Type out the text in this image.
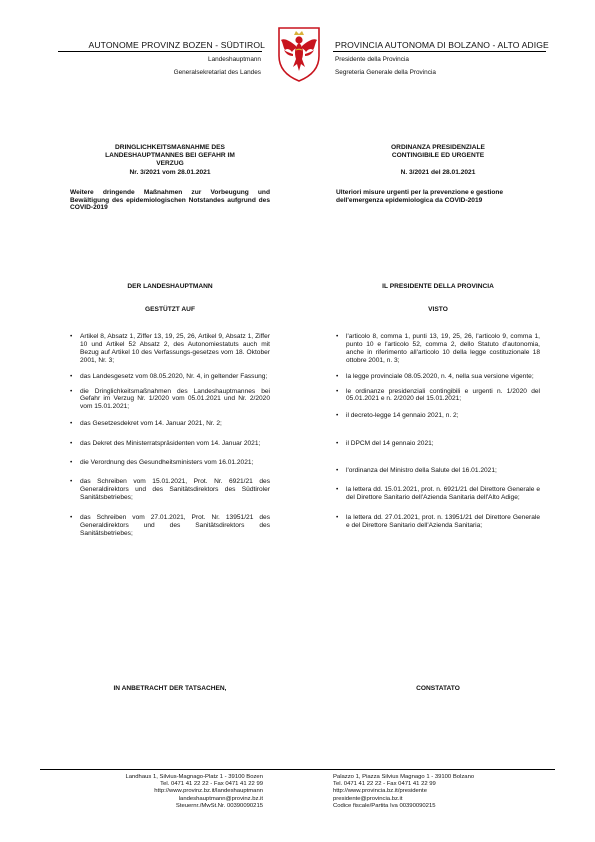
AUTONOME PROVINZ BOZEN - SÜDTIROL
Landeshauptmann
Generalsekretariat des Landes
PROVINCIA AUTONOMA DI BOLZANO - ALTO ADIGE
Presidente della Provincia
Segreteria Generale della Provincia
DRINGLICHKEITSMAßNAHME DES
LANDESHAUPTMANNES BEI GEFAHR IM
VERZUG
Nr. 3/2021 vom 28.01.2021
Weitere dringende Maßnahmen zur Vorbeugung und Bewältigung des epidemiologischen Notstandes aufgrund des COVID-2019
DER LANDESHAUPTMANN
GESTÜTZT AUF
• Artikel 8, Absatz 1, Ziffer 13, 19, 25, 26, Artikel 9, Absatz 1, Ziffer 10 und Artikel 52 Absatz 2, des Autonomiestatuts auch mit Bezug auf Artikel 10 des Verfassungs-gesetzes vom 18. Oktober 2001, Nr. 3;
• das Landesgesetz vom 08.05.2020, Nr. 4, in geltender Fassung;
• die Dringlichkeitsmaßnahmen des Landeshauptmannes bei Gefahr im Verzug Nr. 1/2020 vom 05.01.2021 und Nr. 2/2020 vom 15.01.2021;
• das Gesetzesdekret vom 14. Januar 2021, Nr. 2;
• das Dekret des Ministerratspräsidenten vom 14. Januar 2021;
• die Verordnung des Gesundheitsministers vom 16.01.2021;
• das Schreiben vom 15.01.2021, Prot. Nr. 6921/21 des Generaldirektors und des Sanitätsdirektors des Südtiroler Sanitätsbetriebes;
• das Schreiben vom 27.01.2021, Prot. Nr. 13951/21 des Generaldirektors und des Sanitätsdirektors des Sanitätsbetriebes;
IN ANBETRACHT DER TATSACHEN,
ORDINANZA PRESIDENZIALE
CONTINGIBILE ED URGENTE
N. 3/2021 del 28.01.2021
Ulteriori misure urgenti per la prevenzione e gestione dell'emergenza epidemiologica da COVID-2019
IL PRESIDENTE DELLA PROVINCIA
VISTO
• l'articolo 8, comma 1, punti 13, 19, 25, 26, l'articolo 9, comma 1, punto 10 e l'articolo 52, comma 2, dello Statuto d'autonomia, anche in riferimento all'articolo 10 della legge costituzionale 18 ottobre 2001, n. 3;
• la legge provinciale 08.05.2020, n. 4, nella sua versione vigente;
• le ordinanze presidenziali contingibili e urgenti n. 1/2020 del 05.01.2021 e n. 2/2020 del 15.01.2021;
• il decreto-legge 14 gennaio 2021, n. 2;
• il DPCM del 14 gennaio 2021;
• l'ordinanza del Ministro della Salute del 16.01.2021;
• la lettera dd. 15.01.2021, prot. n. 6921/21 del Direttore Generale e del Direttore Sanitario dell'Azienda Sanitaria dell'Alto Adige;
• la lettera dd. 27.01.2021, prot. n. 13951/21 del Direttore Generale e del Direttore Sanitario dell'Azienda Sanitaria;
CONSTATATO
Landhaus 1, Silvius-Magnago-Platz 1 - 39100 Bozen
Tel. 0471 41 22 22 - Fax 0471 41 22 99
http://www.provinz.bz.it/landeshauptmann
landeshauptmann@provinz.bz.it
Steuernr./MwSt.Nr. 00390090215
Palazzo 1, Piazza Silvius Magnago 1 - 39100 Bolzano
Tel. 0471 41 22 22 - Fax 0471 41 22 99
http://www.provincia.bz.it/presidente
presidente@provincia.bz.it
Codice fiscale/Partita Iva 00390090215
